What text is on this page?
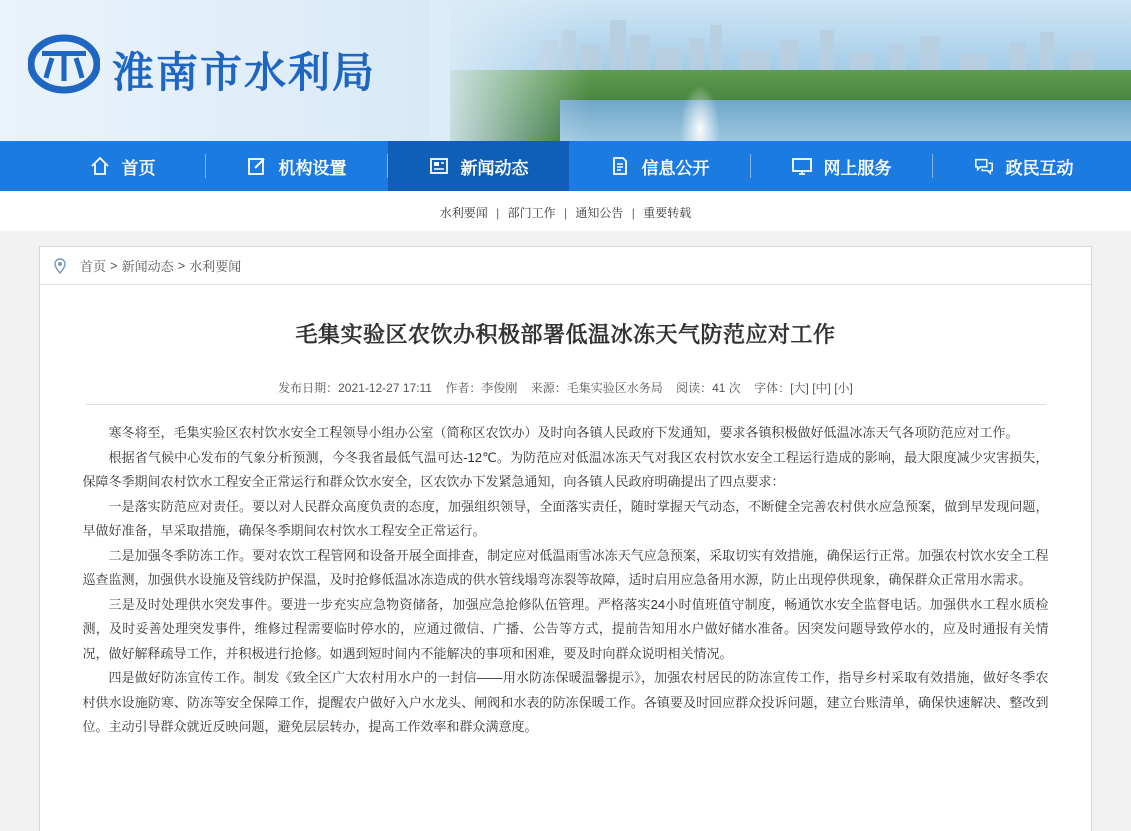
淮南市水利局
首页	机构设置	新闻动态	信息公开	网上服务	政民互动
水利要闻 | 部门工作 | 通知公告 | 重要转载
首页 > 新闻动态 > 水利要闻
毛集实验区农饮办积极部署低温冰冻天气防范应对工作
发布日期：2021-12-27 17:11 作者：李俊刚 来源：毛集实验区水务局 阅读：41 次 字体：[大] [中] [小]

寒冬将至，毛集实验区农村饮水安全工程领导小组办公室（简称区农饮办）及时向各镇人民政府下发通知，要求各镇积极做好低温冰冻天气各项防范应对工作。

根据省气候中心发布的气象分析预测，今冬我省最低气温可达-12℃。为防范应对低温冰冻天气对我区农村饮水安全工程运行造成的影响，最大限度减少灾害损失，保障冬季期间农村饮水工程安全正常运行和群众饮水安全，区农饮办下发紧急通知，向各镇人民政府明确提出了四点要求：

一是落实防范应对责任。要以对人民群众高度负责的态度，加强组织领导，全面落实责任，随时掌握天气动态，不断健全完善农村供水应急预案，做到早发现问题，早做好准备，早采取措施，确保冬季期间农村饮水工程安全正常运行。

二是加强冬季防冻工作。要对农饮工程管网和设备开展全面排查，制定应对低温雨雪冰冻天气应急预案，采取切实有效措施，确保运行正常。加强农村饮水安全工程巡查监测，加强供水设施及管线防护保温，及时抢修低温冰冻造成的供水管线塌弯冻裂等故障，适时启用应急备用水源，防止出现停供现象，确保群众正常用水需求。

三是及时处理供水突发事件。要进一步充实应急物资储备，加强应急抢修队伍管理。严格落实24小时值班值守制度，畅通饮水安全监督电话。加强供水工程水质检测，及时妥善处理突发事件，维修过程需要临时停水的，应通过微信、广播、公告等方式，提前告知用水户做好储水准备。因突发问题导致停水的，应及时通报有关情况，做好解释疏导工作，并积极进行抢修。如遇到短时间内不能解决的事项和困难，要及时向群众说明相关情况。

四是做好防冻宣传工作。制发《致全区广大农村用水户的一封信——用水防冻保暖温馨提示》，加强农村居民的防冻宣传工作，指导乡村采取有效措施，做好冬季农村供水设施防寒、防冻等安全保障工作，提醒农户做好入户水龙头、闸阀和水表的防冻保暖工作。各镇要及时回应群众投诉问题，建立台账清单，确保快速解决、整改到位。主动引导群众就近反映问题，避免层层转办，提高工作效率和群众满意度。
